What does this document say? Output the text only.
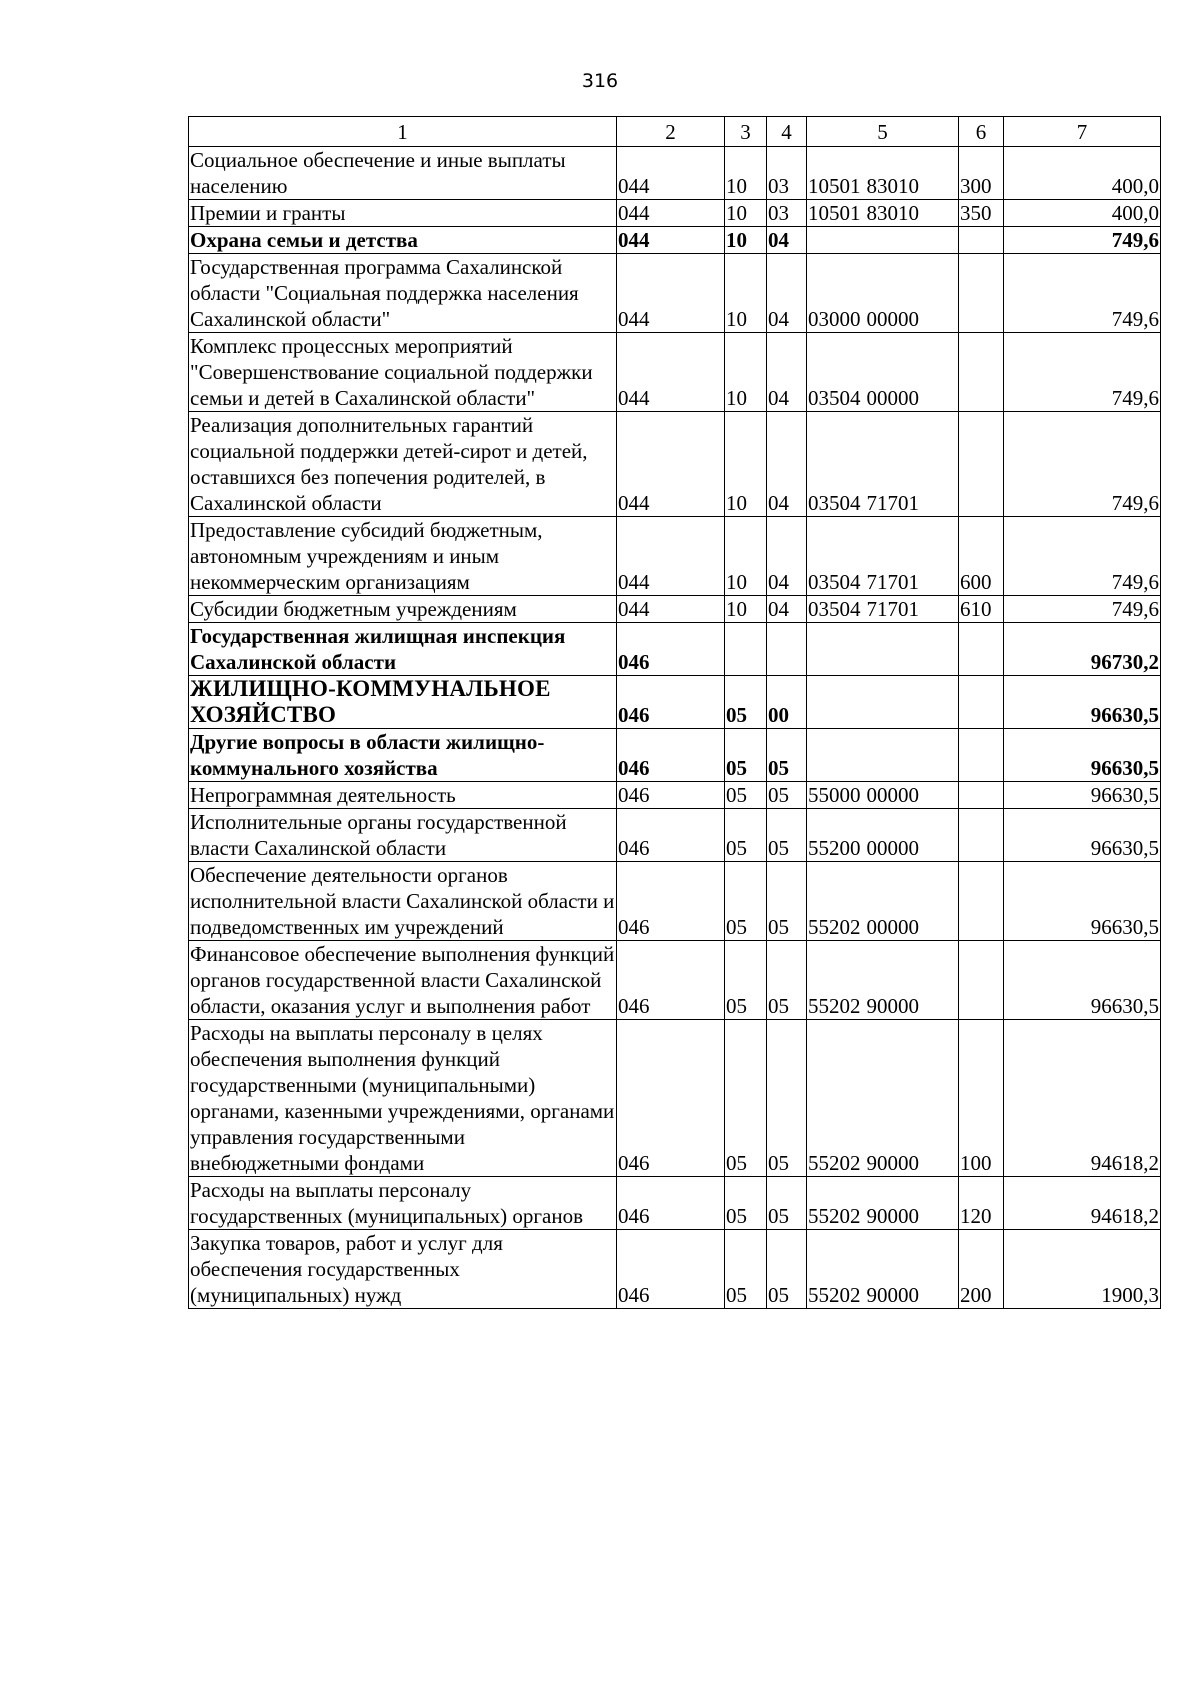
316
1	2	3	4	5	6	7
Социальное обеспечение и иные выплаты населению	044	10	03	10501 83010	300	400,0
Премии и гранты	044	10	03	10501 83010	350	400,0
Охрана семьи и детства	044	10	04			749,6
Государственная программа Сахалинской области "Социальная поддержка населения Сахалинской области"	044	10	04	03000 00000		749,6
Комплекс процессных мероприятий "Совершенствование социальной поддержки семьи и детей в Сахалинской области"	044	10	04	03504 00000		749,6
Реализация дополнительных гарантий социальной поддержки детей-сирот и детей, оставшихся без попечения родителей, в Сахалинской области	044	10	04	03504 71701		749,6
Предоставление субсидий бюджетным, автономным учреждениям и иным некоммерческим организациям	044	10	04	03504 71701	600	749,6
Субсидии бюджетным учреждениям	044	10	04	03504 71701	610	749,6
Государственная жилищная инспекция Сахалинской области	046					96730,2
ЖИЛИЩНО-КОММУНАЛЬНОЕ ХОЗЯЙСТВО	046	05	00			96630,5
Другие вопросы в области жилищно-коммунального хозяйства	046	05	05			96630,5
Непрограммная деятельность	046	05	05	55000 00000		96630,5
Исполнительные органы государственной власти Сахалинской области	046	05	05	55200 00000		96630,5
Обеспечение деятельности органов исполнительной власти Сахалинской области и подведомственных им учреждений	046	05	05	55202 00000		96630,5
Финансовое обеспечение выполнения функций органов государственной власти Сахалинской области, оказания услуг и выполнения работ	046	05	05	55202 90000		96630,5
Расходы на выплаты персоналу в целях обеспечения выполнения функций государственными (муниципальными) органами, казенными учреждениями, органами управления государственными внебюджетными фондами	046	05	05	55202 90000	100	94618,2
Расходы на выплаты персоналу государственных (муниципальных) органов	046	05	05	55202 90000	120	94618,2
Закупка товаров, работ и услуг для обеспечения государственных (муниципальных) нужд	046	05	05	55202 90000	200	1900,3
